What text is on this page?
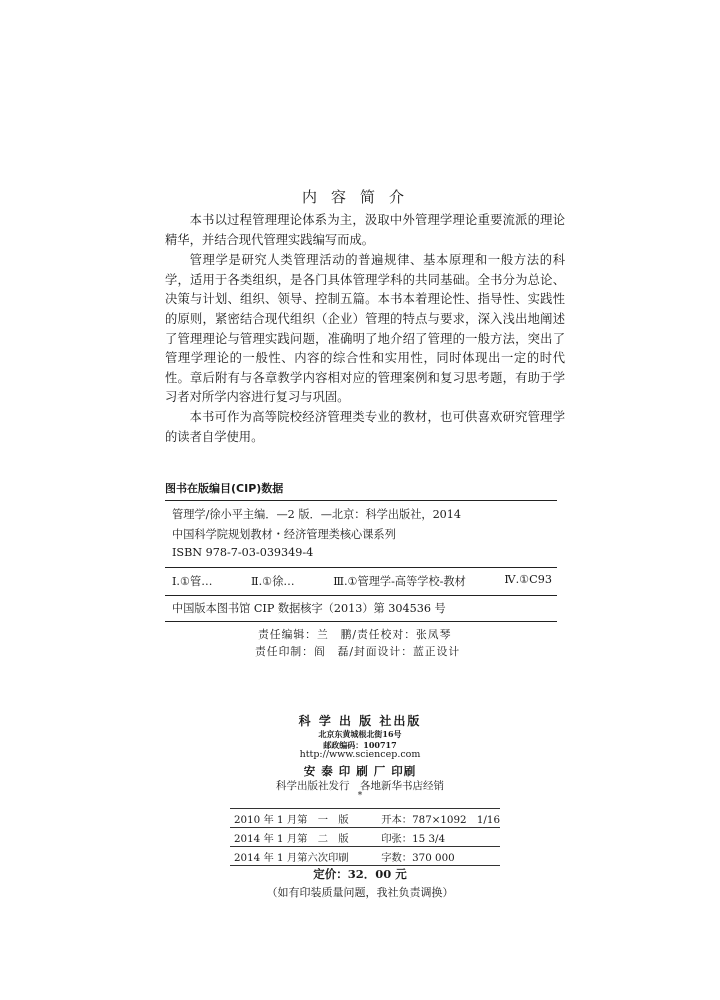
内容简介

本书以过程管理理论体系为主，汲取中外管理学理论重要流派的理论精华，并结合现代管理实践编写而成。

管理学是研究人类管理活动的普遍规律、基本原理和一般方法的科学，适用于各类组织，是各门具体管理学科的共同基础。全书分为总论、决策与计划、组织、领导、控制五篇。本书本着理论性、指导性、实践性的原则，紧密结合现代组织（企业）管理的特点与要求，深入浅出地阐述了管理理论与管理实践问题，准确明了地介绍了管理的一般方法，突出了管理学理论的一般性、内容的综合性和实用性，同时体现出一定的时代性。章后附有与各章教学内容相对应的管理案例和复习思考题，有助于学习者对所学内容进行复习与巩固。

本书可作为高等院校经济管理类专业的教材，也可供喜欢研究管理学的读者自学使用。

图书在版编目(CIP)数据
管理学/徐小平主编．—2 版．—北京：科学出版社，2014
中国科学院规划教材・经济管理类核心课系列
ISBN 978-7-03-039349-4
Ⅰ.①管…	Ⅱ.①徐…	Ⅲ.①管理学-高等学校-教材	Ⅳ.①C93
中国版本图书馆 CIP 数据核字（2013）第 304536 号
责任编辑：兰　鹏/责任校对：张凤琴
责任印制：阎　磊/封面设计：蓝正设计
科 学 出 版 社出版
北京东黄城根北街16号
邮政编码：100717
http://www.sciencep.com
安 泰 印 刷 厂 印刷
科学出版社发行　各地新华书店经销
*
2010 年 1 月第　一　版	开本：787×1092　1/16
2014 年 1 月第　二　版	印张：15 3/4
2014 年 1 月第六次印刷	字数：370 000
定价：32．00 元
（如有印装质量问题，我社负责调换）
